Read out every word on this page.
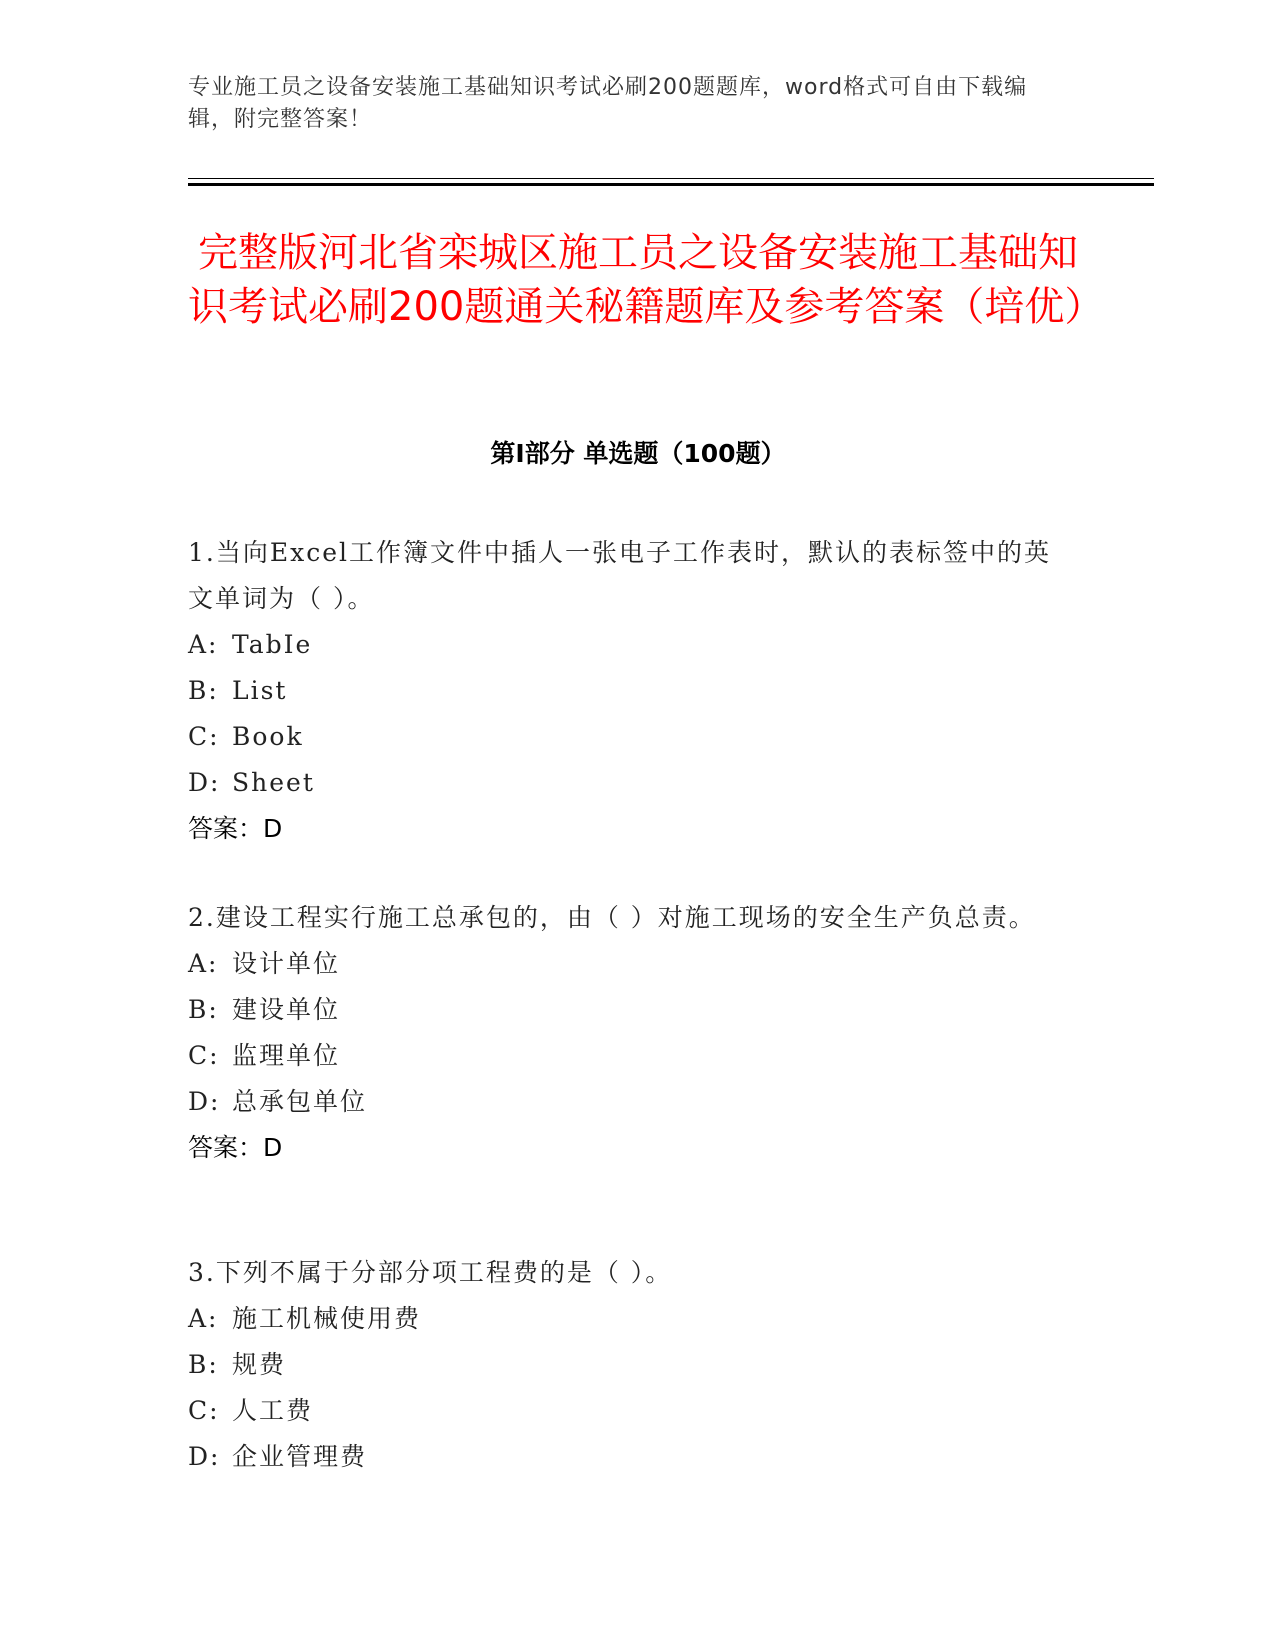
专业施工员之设备安装施工基础知识考试必刷200题题库，word格式可自由下载编辑，附完整答案！
完整版河北省栾城区施工员之设备安装施工基础知识考试必刷200题通关秘籍题库及参考答案（培优）
第I部分 单选题（100题）

1.当向Excel工作簿文件中插人一张电子工作表时，默认的表标签中的英文单词为（ ）。

A: TabIe
B: List
C: Book
D: Sheet
答案：D

2.建设工程实行施工总承包的，由（ ）对施工现场的安全生产负总责。

A: 设计单位
B: 建设单位
C: 监理单位
D: 总承包单位
答案：D

3.下列不属于分部分项工程费的是（ ）。

A: 施工机械使用费
B: 规费
C: 人工费
D: 企业管理费
